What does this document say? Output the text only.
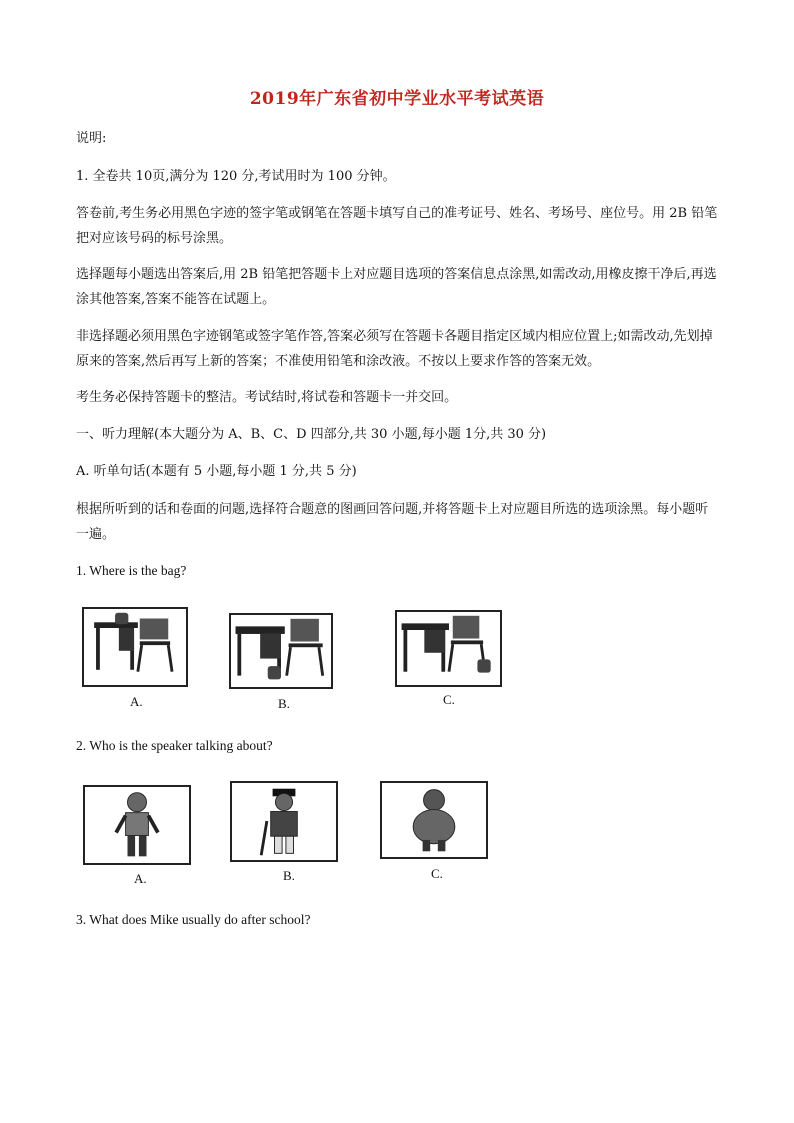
2019年广东省初中学业水平考试英语
说明:
1. 全卷共 10页,满分为 120 分,考试用时为 100 分钟。
答卷前,考生务必用黑色字迹的签字笔或钢笔在答题卡填写自己的准考证号、姓名、考场号、座位号。用 2B 铅笔把对应该号码的标号涂黑。
选择题每小题选出答案后,用 2B 铅笔把答题卡上对应题目选项的答案信息点涂黑,如需改动,用橡皮擦干净后,再选涂其他答案,答案不能答在试题上。
非选择题必须用黑色字迹钢笔或签字笔作答,答案必须写在答题卡各题目指定区域内相应位置上;如需改动,先划掉原来的答案,然后再写上新的答案；不准使用铅笔和涂改液。不按以上要求作答的答案无效。
考生务必保持答题卡的整洁。考试结时,将试卷和答题卡一并交回。
一、听力理解(本大题分为 A、B、C、D 四部分,共 30 小题,每小题 1分,共 30 分)
A. 听单句话(本题有 5 小题,每小题 1 分,共 5 分)
根据所听到的话和卷面的问题,选择符合题意的图画回答问题,并将答题卡上对应题目所选的选项涂黑。每小题听一遍。
1. Where is the bag?
A.	B.	C.
2. Who is the speaker talking about?
A.	B.	C.
3. What does Mike usually do after school?
